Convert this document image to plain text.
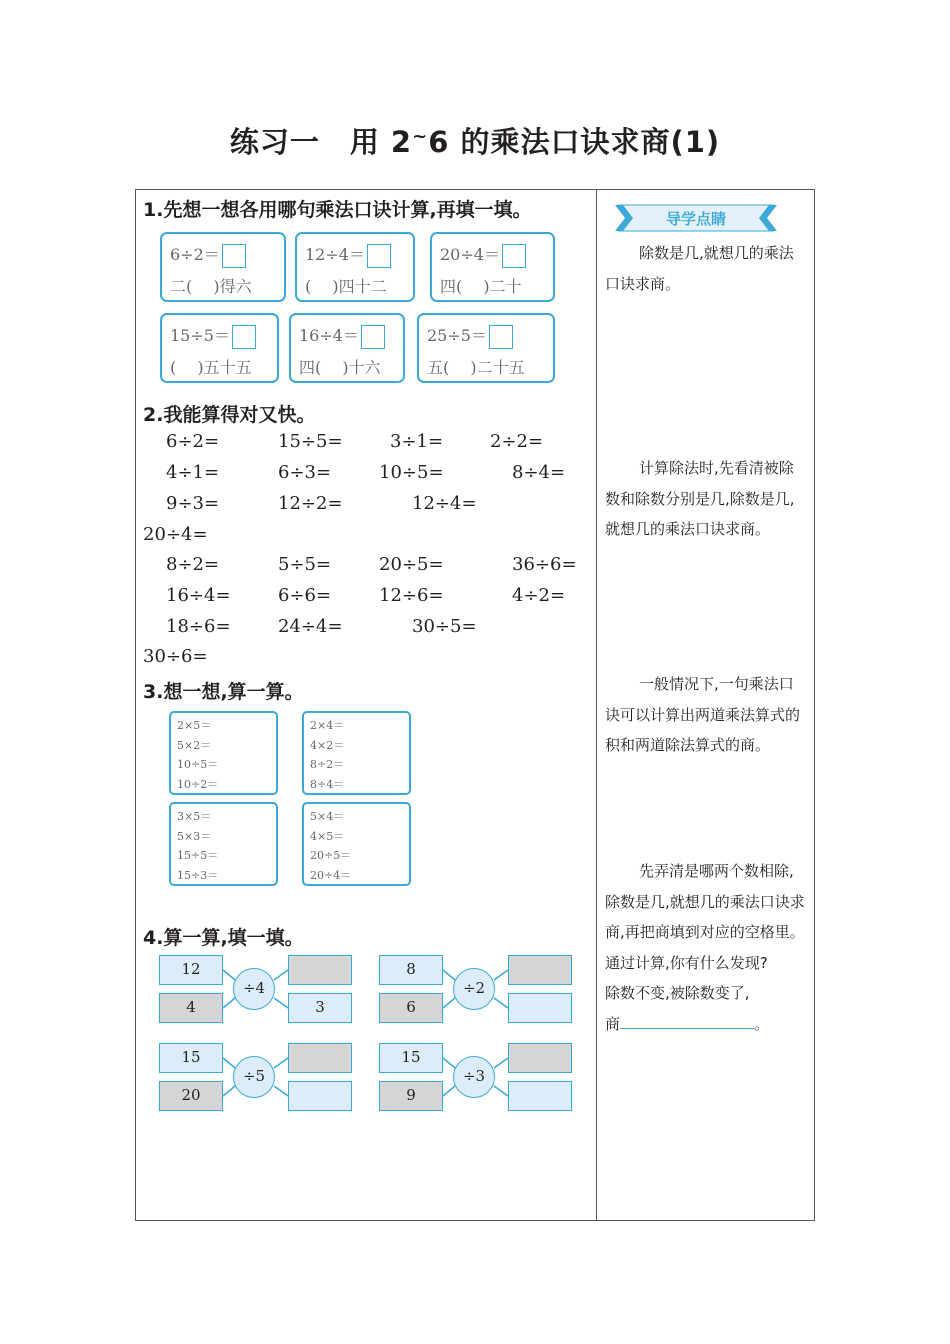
练习一　用 2~6 的乘法口诀求商(1)
1.先想一想各用哪句乘法口诀计算,再填一填。
6÷2＝
二(　 )得六
12÷4＝
(　 )四十二
20÷4＝
四(　 )二十
15÷5＝
(　 )五十五
16÷4＝
四(　 )十六
25÷5＝
五(　 )二十五
2.我能算得对又快。
6÷2=	15÷5=	3÷1=	2÷2=
4÷1=	6÷3=	10÷5=	8÷4=
9÷3=	12÷2=	12÷4=
20÷4=
8÷2=	5÷5=	20÷5=	36÷6=
16÷4=	6÷6=	12÷6=	4÷2=
18÷6=	24÷4=	30÷5=
30÷6=
3.想一想,算一算。
2×5＝
5×2＝
10÷5＝
10÷2＝
2×4＝
4×2＝
8÷2＝
8÷4＝
3×5＝
5×3＝
15÷5＝
15÷3＝
5×4＝
4×5＝
20÷5＝
20÷4＝
4.算一算,填一填。
12
4
÷4
3
8
6
÷2
15
20
÷5
15
9
÷3
导学点睛

除数是几,就想几的乘法口诀求商。

计算除法时,先看清被除数和除数分别是几,除数是几,就想几的乘法口诀求商。

一般情况下,一句乘法口诀可以计算出两道乘法算式的积和两道除法算式的商。

先弄清是哪两个数相除,除数是几,就想几的乘法口诀求商,再把商填到对应的空格里。通过计算,你有什么发现?

除数不变,被除数变了,

商	。
